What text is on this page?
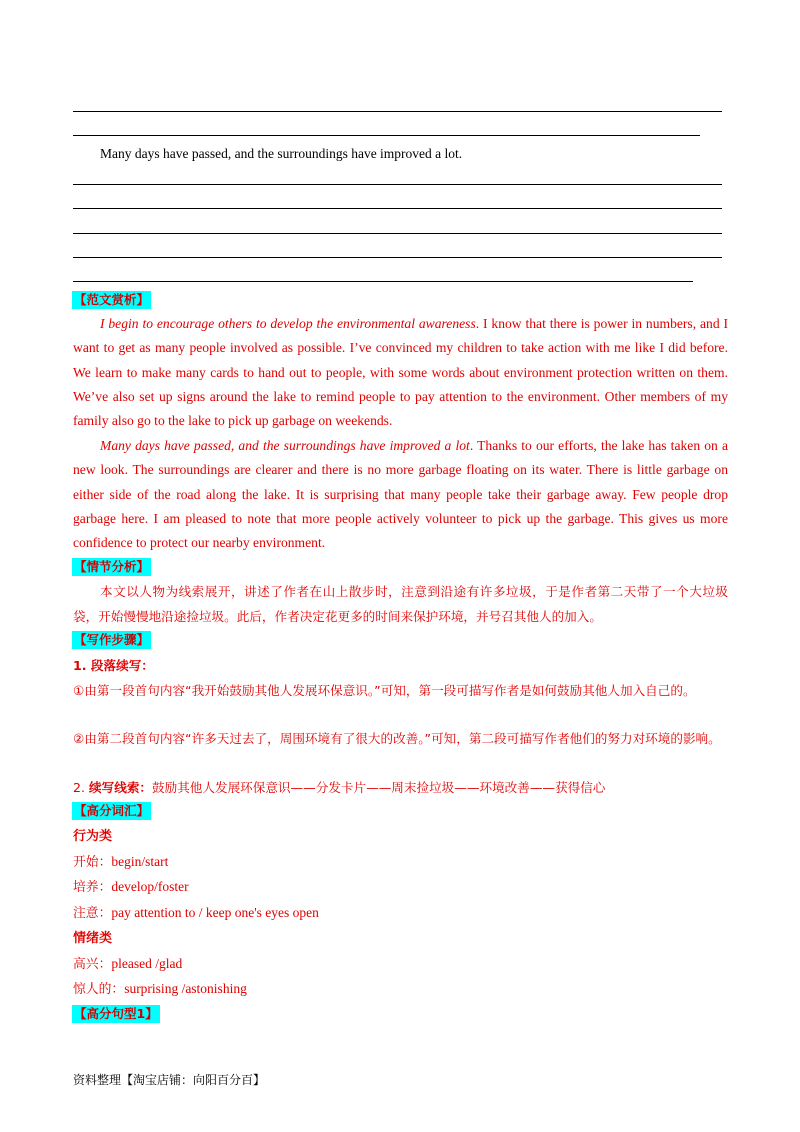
Many days have passed, and the surroundings have improved a lot.
【范文赏析】
I begin to encourage others to develop the environmental awareness. I know that there is power in numbers, and I want to get as many people involved as possible. I’ve convinced my children to take action with me like I did before. We learn to make many cards to hand out to people, with some words about environment protection written on them. We’ve also set up signs around the lake to remind people to pay attention to the environment. Other members of my family also go to the lake to pick up garbage on weekends.
Many days have passed, and the surroundings have improved a lot. Thanks to our efforts, the lake has taken on a new look. The surroundings are clearer and there is no more garbage floating on its water. There is little garbage on either side of the road along the lake. It is surprising that many people take their garbage away. Few people drop garbage here. I am pleased to note that more people actively volunteer to pick up the garbage. This gives us more confidence to protect our nearby environment.
【情节分析】
本文以人物为线索展开，讲述了作者在山上散步时，注意到沿途有许多垃圾，于是作者第二天带了一个大垃圾袋，开始慢慢地沿途捡垃圾。此后，作者决定花更多的时间来保护环境，并号召其他人的加入。
【写作步骤】
1. 段落续写：
①由第一段首句内容“我开始鼓励其他人发展环保意识。”可知，第一段可描写作者是如何鼓励其他人加入自己的。
②由第二段首句内容“许多天过去了，周围环境有了很大的改善。”可知，第二段可描写作者他们的努力对环境的影响。
2. 续写线索：鼓励其他人发展环保意识——分发卡片——周末捡垃圾——环境改善——获得信心
【高分词汇】
行为类
开始：begin/start
培养：develop/foster
注意：pay attention to / keep one's eyes open
情绪类
高兴：pleased /glad
惊人的：surprising /astonishing
【高分句型1】
资料整理【淘宝店铺：向阳百分百】
